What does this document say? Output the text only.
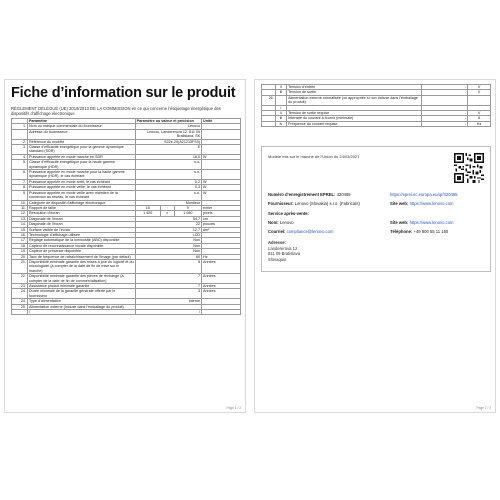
Fiche d’information sur le produit
RÈGLEMENT DÉLÉGUÉ (UE) 2019/2013 DE LA COMMISSION en ce qui concerne l’étiquetage énergétique des dispositifs d’affichage électronique
	Paramètre	Paramètre ou valeur et précision			Unité
1.	Nom ou marque commerciale du fournisseur:	Lenovo			
	Adresse du fournisseur:	Lenovo, Landererova 12, 811 09 Bratislava, SK			
2.	Référence du modèle	S22e-20(A21215FS0)			
3.	Classe d’efficacité énergétique pour la gamme dynamique standard (SDR)	E			
4.	Puissance appelée en mode marche en SDR	16,0			W
5.	Classe d’efficacité énergétique pour la haute gamme dynamique (HDR)	s.o.			
6.	Puissance appelée en mode marche pour la haute gamme dynamique (HDR), le cas échéant	s.o.			
7.	Puissance appelée en mode arrêt, le cas échéant	0,2			W
8.	Puissance appelée en mode veille, le cas échéant	0,3			W
9.	Puissance appelée en mode veille avec maintien de la connexion au réseau, le cas échéant	s.o.			W
10.	Catégorie de dispositif d’affichage électronique	Moniteur			
11.	Rapport de taille	16	:	9	entier
12.	Résolution d’écran	1 920	x	1 080	pixels
13.	Diagonale de l’écran	54,7			cm
14.	Diagonale de l’écran	22			pouces
15.	Surface visible de l’écran	12,7			dm²
16.	Technologie d’affichage utilisée	LCD			
17.	Réglage automatique de la luminosité (ABC) disponible	Non			
18.	Capteur de reconnaissance vocale disponible	Non			
19.	Capteur de présence disponible	Non			
20.	Taux de fréquence de rafraîchissement de l’image (par défaut)	60			Hz
21.	Disponibilité minimale garantie des mises à jour du logiciel et du micrologiciel (à compter de la date de fin de mise sur le marché)	8			Années
22.	Disponibilité minimale garantie des pièces de rechange (à compter de la date de fin de commercialisation)	7			Années
23.	Assistance produit minimale garantie	7			Années
24.	Durée minimale de la garantie générale offerte par le fournisseur	3			Années
24.	Type d’alimentation	Interne			
25.	Alimentation externe (incluse dans l’emballage du produit)				
	i	/			
Page 1 / 2
	ii	Tension d’entrée	-	V
	iii	Tension de sortie	-	V
26.		Alimentation externe normalisée (ou appropriée si non incluse dans l’emballage du produit)		
	i			
	ii	Tension de sortie requise	-	V
	iii	Intensité du courant à fournir (minimale)	-	A
	iv	Fréquence du courant requise	-	Hz
Modèle mis sur le marché de l’Union du 24/03/2021
Numéro d’enregistrement EPREL: 420485	https://eprel.ec.europa.eu/qr/420485
Fournisseur: Lenovo (Slovakia) s.r.o. (Fabricant)	Site web: https://www.lenovo.com
Service après-vente:
Nom: Lenovo	Site web: https://www.lenovo.com
Courriel: compliance@lenovo.com	Téléphone: +49 800 55 11 160
Adresse:
Landererova 12
811 09 Bratislava
Slovaquie
Page 2 / 2
